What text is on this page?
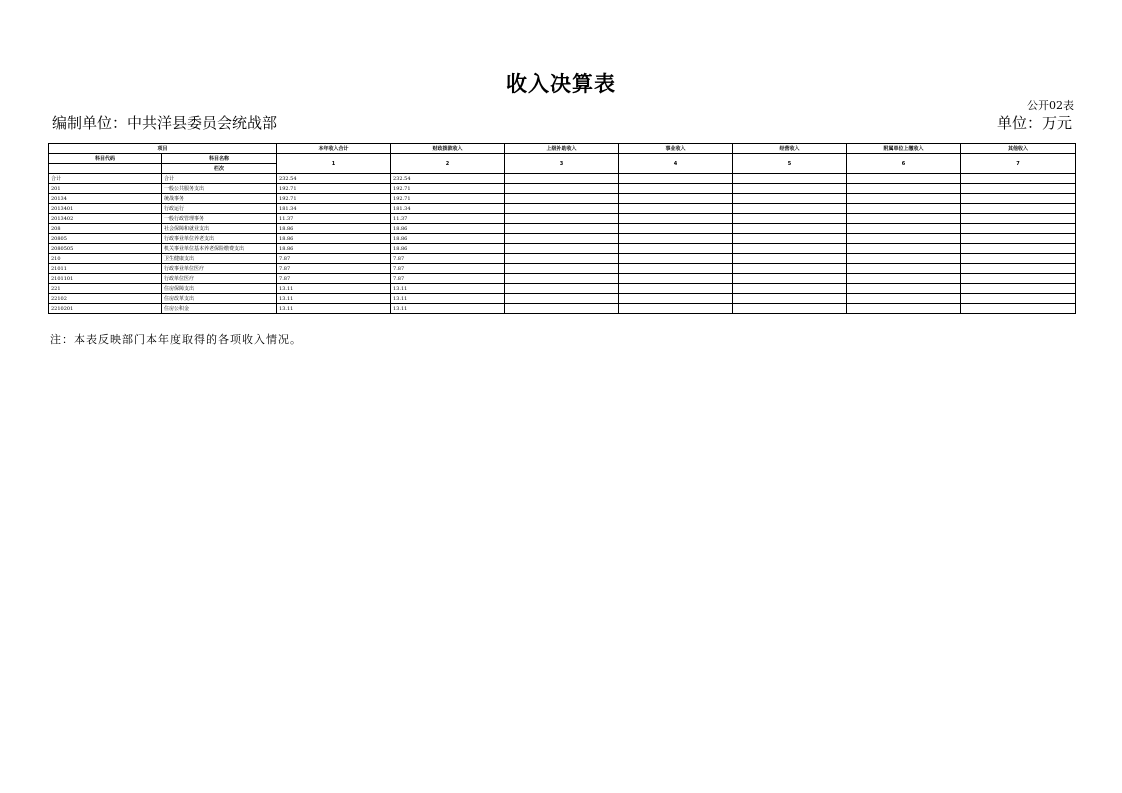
收入决算表
公开02表
编制单位：中共洋县委员会统战部	单位：万元
项目		本年收入合计	财政拨款收入	上级补助收入	事业收入	经营收入	附属单位上缴收入	其他收入
科目代码	科目名称	1	2	3	4	5	6	7
	栏次							
合计	合计	232.54	232.54					
201	一般公共服务支出	192.71	192.71					
20134	统战事务	192.71	192.71					
2013401	行政运行	181.34	181.34					
2013402	一般行政管理事务	11.37	11.37					
208	社会保障和就业支出	18.86	18.86					
20805	行政事业单位养老支出	18.86	18.86					
2080505	机关事业单位基本养老保险缴费支出	18.86	18.86					
210	卫生健康支出	7.87	7.87					
21011	行政事业单位医疗	7.87	7.87					
2101101	行政单位医疗	7.87	7.87					
221	住房保障支出	13.11	13.11					
22102	住房改革支出	13.11	13.11					
2210201	住房公积金	13.11	13.11					
注：本表反映部门本年度取得的各项收入情况。
